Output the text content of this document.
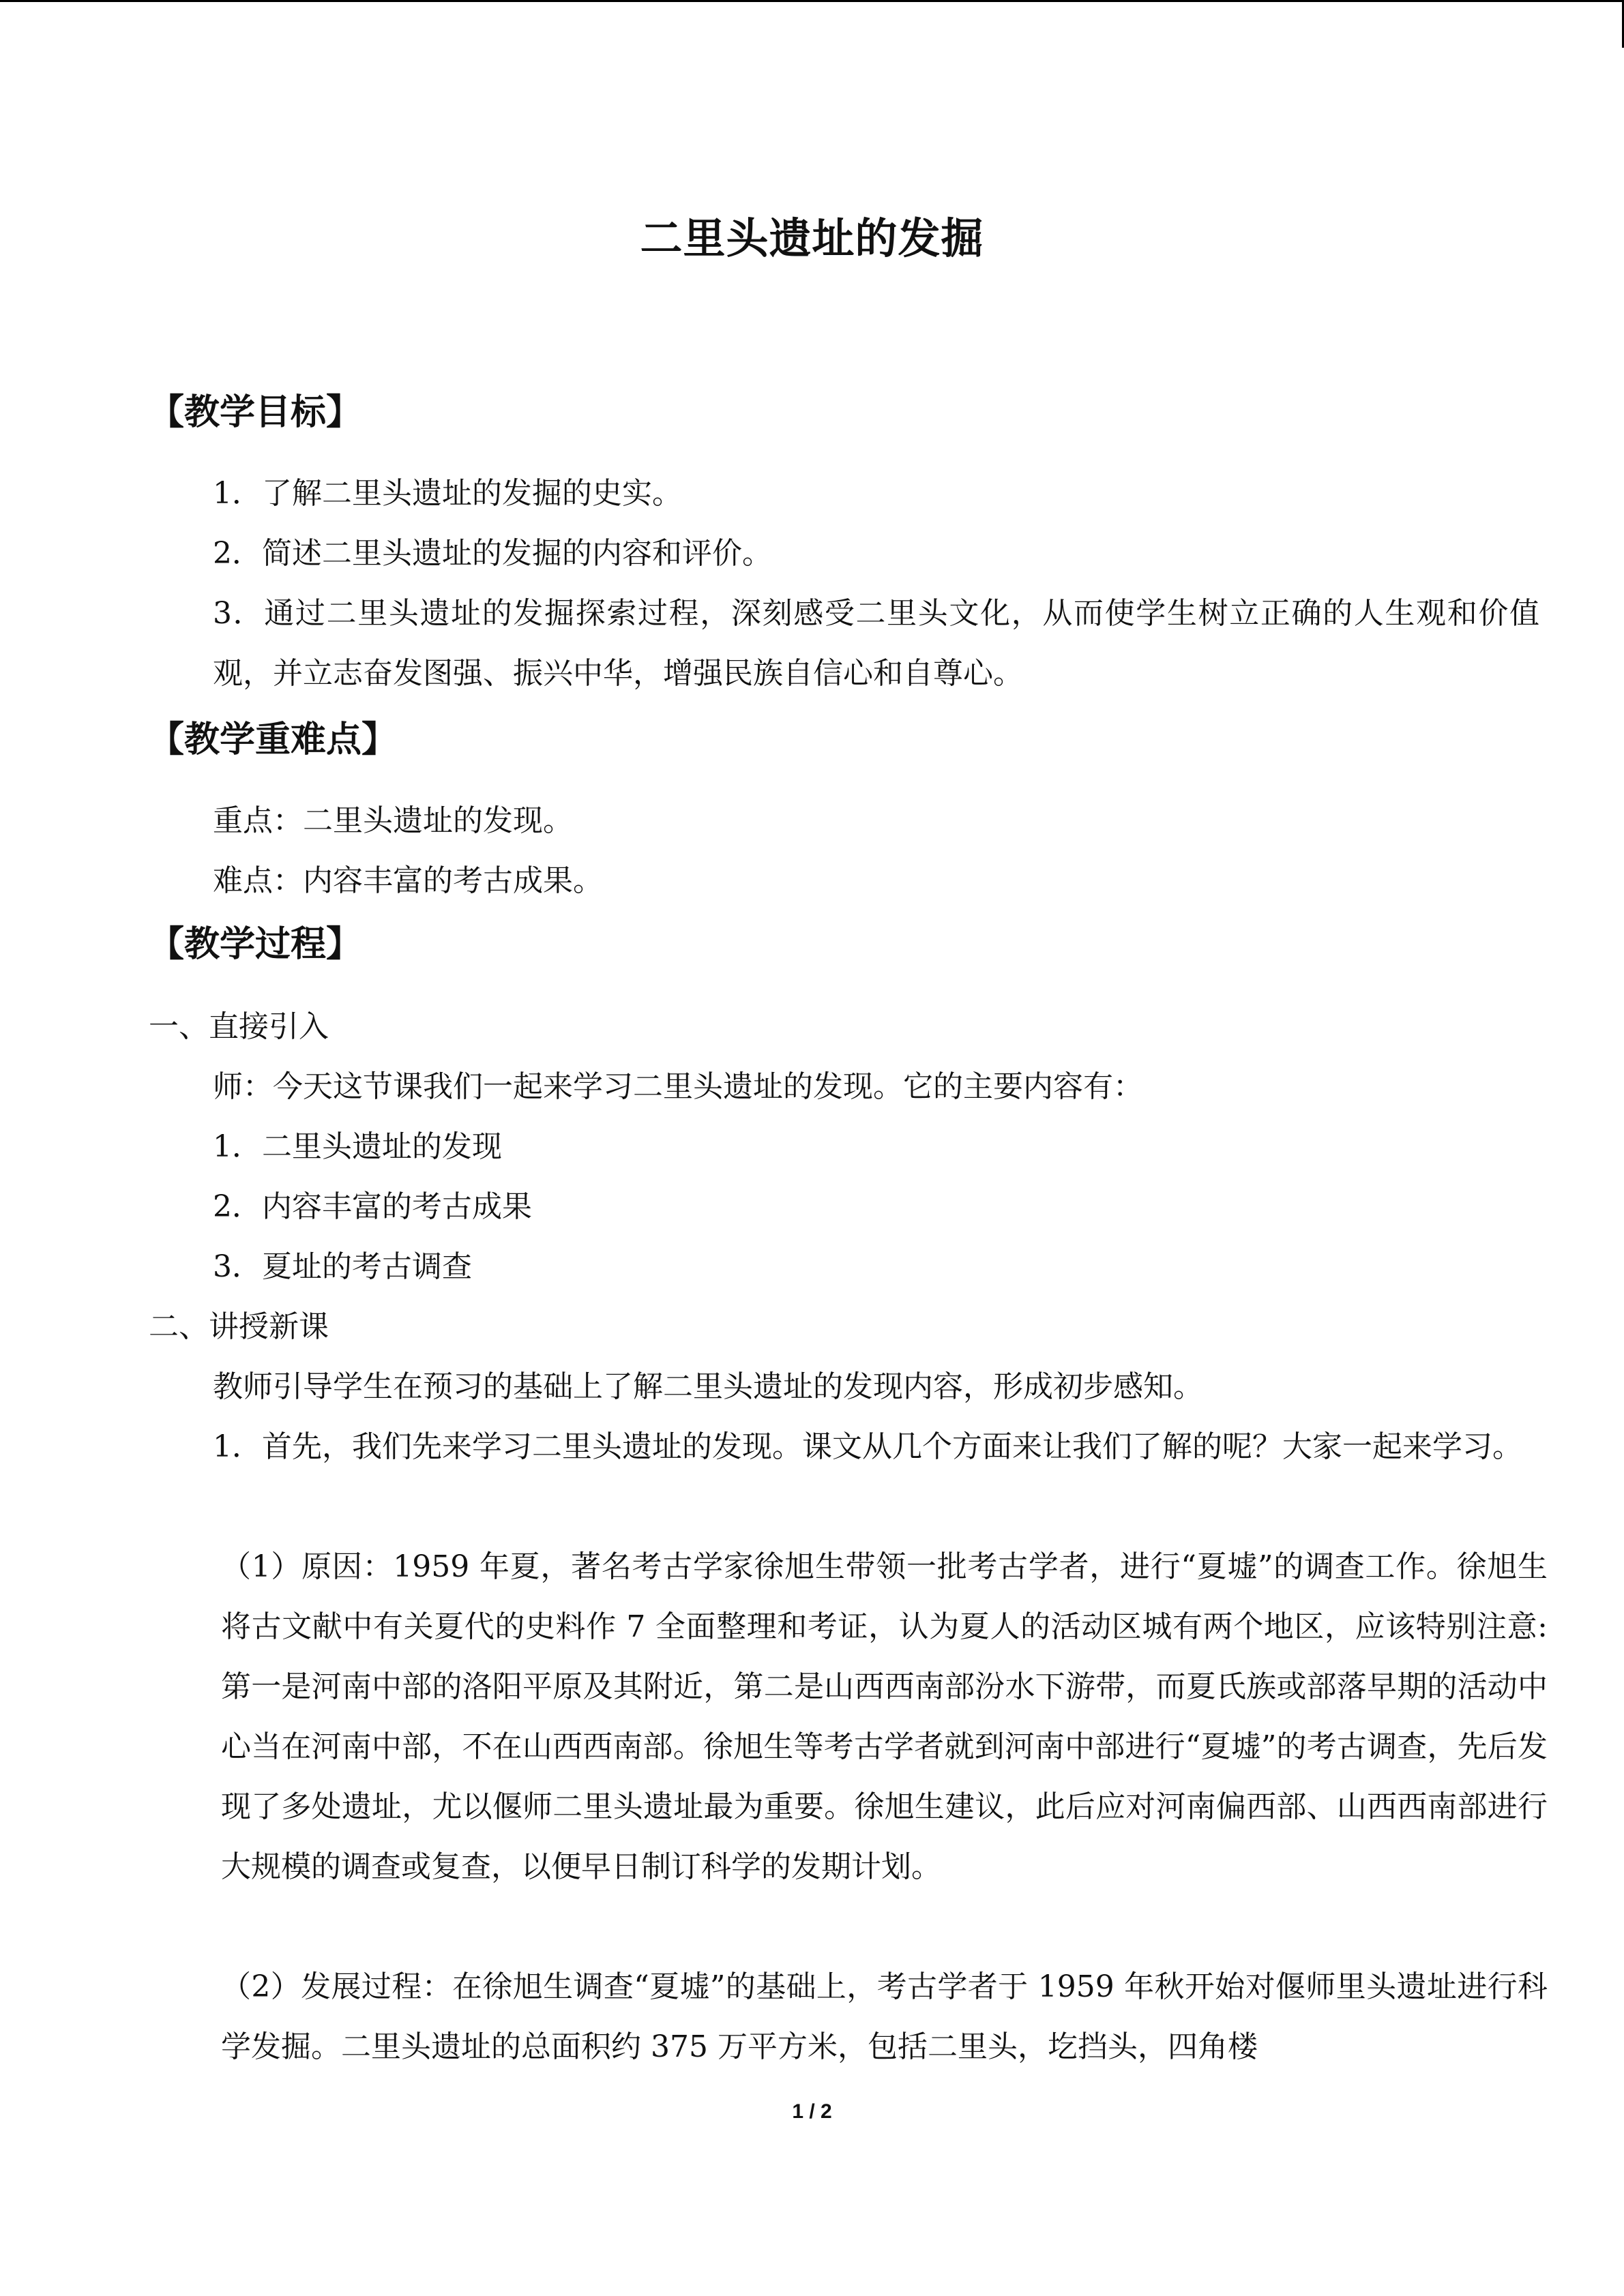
二里头遗址的发掘
【教学目标】
1．了解二里头遗址的发掘的史实。
2．简述二里头遗址的发掘的内容和评价。
3．通过二里头遗址的发掘探索过程，深刻感受二里头文化，从而使学生树立正确的人生观和价值观，并立志奋发图强、振兴中华，增强民族自信心和自尊心。
【教学重难点】
重点：二里头遗址的发现。
难点：内容丰富的考古成果。
【教学过程】
一、直接引入
师：今天这节课我们一起来学习二里头遗址的发现。它的主要内容有：
1．二里头遗址的发现
2．内容丰富的考古成果
3．夏址的考古调查
二、讲授新课
教师引导学生在预习的基础上了解二里头遗址的发现内容，形成初步感知。
1．首先，我们先来学习二里头遗址的发现。课文从几个方面来让我们了解的呢？大家一起来学习。
（1）原因：1959 年夏，著名考古学家徐旭生带领一批考古学者，进行“夏墟”的调查工作。徐旭生将古文献中有关夏代的史料作 7 全面整理和考证，认为夏人的活动区城有两个地区，应该特别注意:第一是河南中部的洛阳平原及其附近，第二是山西西南部汾水下游带，而夏氏族或部落早期的活动中心当在河南中部，不在山西西南部。徐旭生等考古学者就到河南中部进行“夏墟”的考古调查，先后发现了多处遗址，尤以偃师二里头遗址最为重要。徐旭生建议，此后应对河南偏西部、山西西南部进行大规模的调查或复查，以便早日制订科学的发期计划。
（2）发展过程：在徐旭生调查“夏墟”的基础上，考古学者于 1959 年秋开始对偃师里头遗址进行科学发掘。二里头遗址的总面积约 375 万平方米，包括二里头，圪挡头，四角楼
1 / 2
